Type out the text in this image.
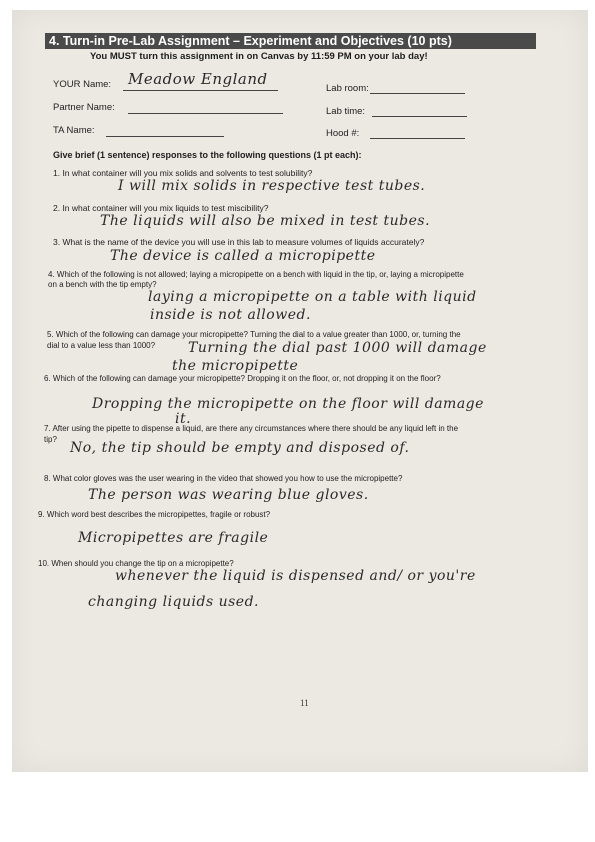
4. Turn-in Pre-Lab Assignment – Experiment and Objectives (10 pts)
You MUST turn this assignment in on Canvas by 11:59 PM on your lab day!
YOUR Name: Meadow England
Lab room:
Partner Name:	Lab time:
TA Name:	Hood #:
Give brief (1 sentence) responses to the following questions (1 pt each):
1. In what container will you mix solids and solvents to test solubility?
I will mix solids in respective test tubes.
2. In what container will you mix liquids to test miscibility?
The liquids will also be mixed in test tubes.
3. What is the name of the device you will use in this lab to measure volumes of liquids accurately?
The device is called a micropipette
4. Which of the following is not allowed; laying a micropipette on a bench with liquid in the tip, or, laying a micropipette
on a bench with the tip empty?
laying a micropipette on a table with liquid
inside is not allowed.
5. Which of the following can damage your micropipette? Turning the dial to a value greater than 1000, or, turning the
dial to a value less than 1000? Turning the dial past 1000 will damage
the micropipette
6. Which of the following can damage your micropipette? Dropping it on the floor, or, not dropping it on the floor?
Dropping the micropipette on the floor will damage
it.
7. After using the pipette to dispense a liquid, are there any circumstances where there should be any liquid left in the
tip?
No, the tip should be empty and disposed of.
8. What color gloves was the user wearing in the video that showed you how to use the micropipette?
The person was wearing blue gloves.
9. Which word best describes the micropipettes, fragile or robust?
Micropipettes are fragile
10. When should you change the tip on a micropipette?
whenever the liquid is dispensed and/ or you're
changing liquids used.
11
